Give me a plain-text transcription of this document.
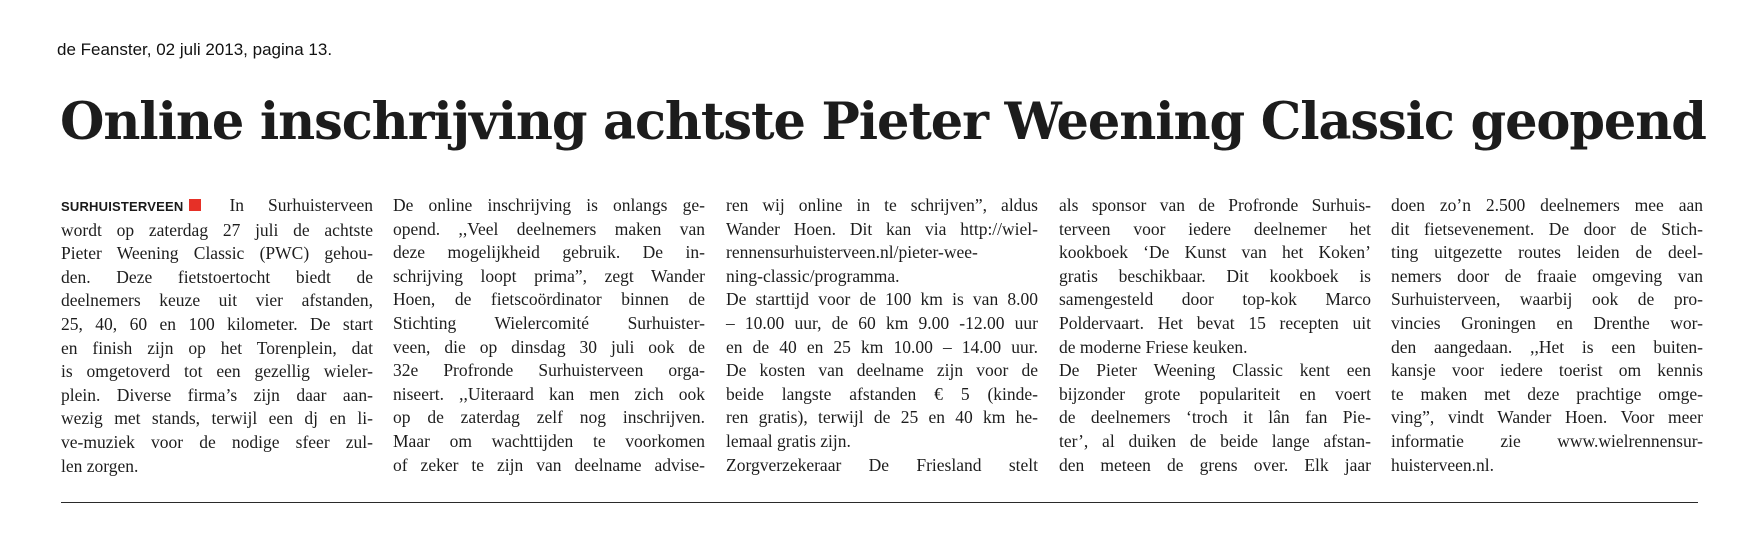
de Feanster, 02 juli 2013, pagina 13.
Online inschrijving achtste Pieter Weening Classic geopend
SURHUISTERVEEN	In Surhuisterveen
wordt op zaterdag 27 juli de achtste
Pieter Weening Classic (PWC) gehou-
den. Deze fietstoertocht biedt de
deelnemers keuze uit vier afstanden,
25, 40, 60 en 100 kilometer. De start
en finish zijn op het Torenplein, dat
is omgetoverd tot een gezellig wieler-
plein. Diverse firma’s zijn daar aan-
wezig met stands, terwijl een dj en li-
ve-muziek voor de nodige sfeer zul-
len zorgen.
De online inschrijving is onlangs ge-
opend. ,,Veel deelnemers maken van
deze mogelijkheid gebruik. De in-
schrijving loopt prima”, zegt Wander
Hoen, de fietscoördinator binnen de
Stichting Wielercomité Surhuister-
veen, die op dinsdag 30 juli ook de
32e Profronde Surhuisterveen orga-
niseert. ,,Uiteraard kan men zich ook
op de zaterdag zelf nog inschrijven.
Maar om wachttijden te voorkomen
of zeker te zijn van deelname advise-
ren wij online in te schrijven”, aldus
Wander Hoen. Dit kan via http://wiel-
rennensurhuisterveen.nl/pieter-wee-
ning-classic/programma.
De starttijd voor de 100 km is van 8.00
– 10.00 uur, de 60 km 9.00 -12.00 uur
en de 40 en 25 km 10.00 – 14.00 uur.
De kosten van deelname zijn voor de
beide langste afstanden € 5 (kinde-
ren gratis), terwijl de 25 en 40 km he-
lemaal gratis zijn.
Zorgverzekeraar De Friesland stelt
als sponsor van de Profronde Surhuis-
terveen voor iedere deelnemer het
kookboek ‘De Kunst van het Koken’
gratis beschikbaar. Dit kookboek is
samengesteld door top-kok Marco
Poldervaart. Het bevat 15 recepten uit
de moderne Friese keuken.
De Pieter Weening Classic kent een
bijzonder grote populariteit en voert
de deelnemers ‘troch it lân fan Pie-
ter’, al duiken de beide lange afstan-
den meteen de grens over. Elk jaar
doen zo’n 2.500 deelnemers mee aan
dit fietsevenement. De door de Stich-
ting uitgezette routes leiden de deel-
nemers door de fraaie omgeving van
Surhuisterveen, waarbij ook de pro-
vincies Groningen en Drenthe wor-
den aangedaan. ,,Het is een buiten-
kansje voor iedere toerist om kennis
te maken met deze prachtige omge-
ving”, vindt Wander Hoen. Voor meer
informatie zie www.wielrennensur-
huisterveen.nl.
